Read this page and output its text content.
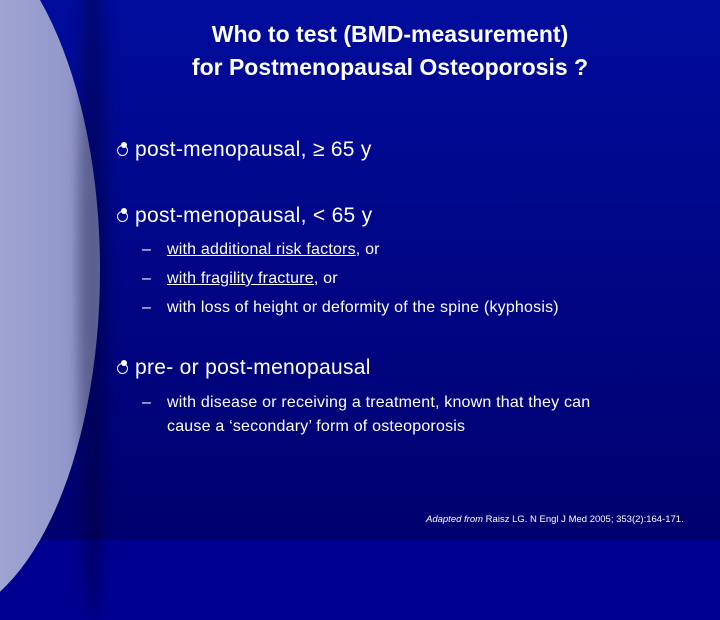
Who to test (BMD-measurement)
for Postmenopausal Osteoporosis ?
post-menopausal, ≥ 65 y
post-menopausal, < 65 y
– with additional risk factors, or
– with fragility fracture, or
– with loss of height or deformity of the spine (kyphosis)
pre- or post-menopausal
– with disease or receiving a treatment, known that they can
cause a ‘secondary’ form of osteoporosis
Adapted from Raisz LG. N Engl J Med 2005; 353(2):164-171.
